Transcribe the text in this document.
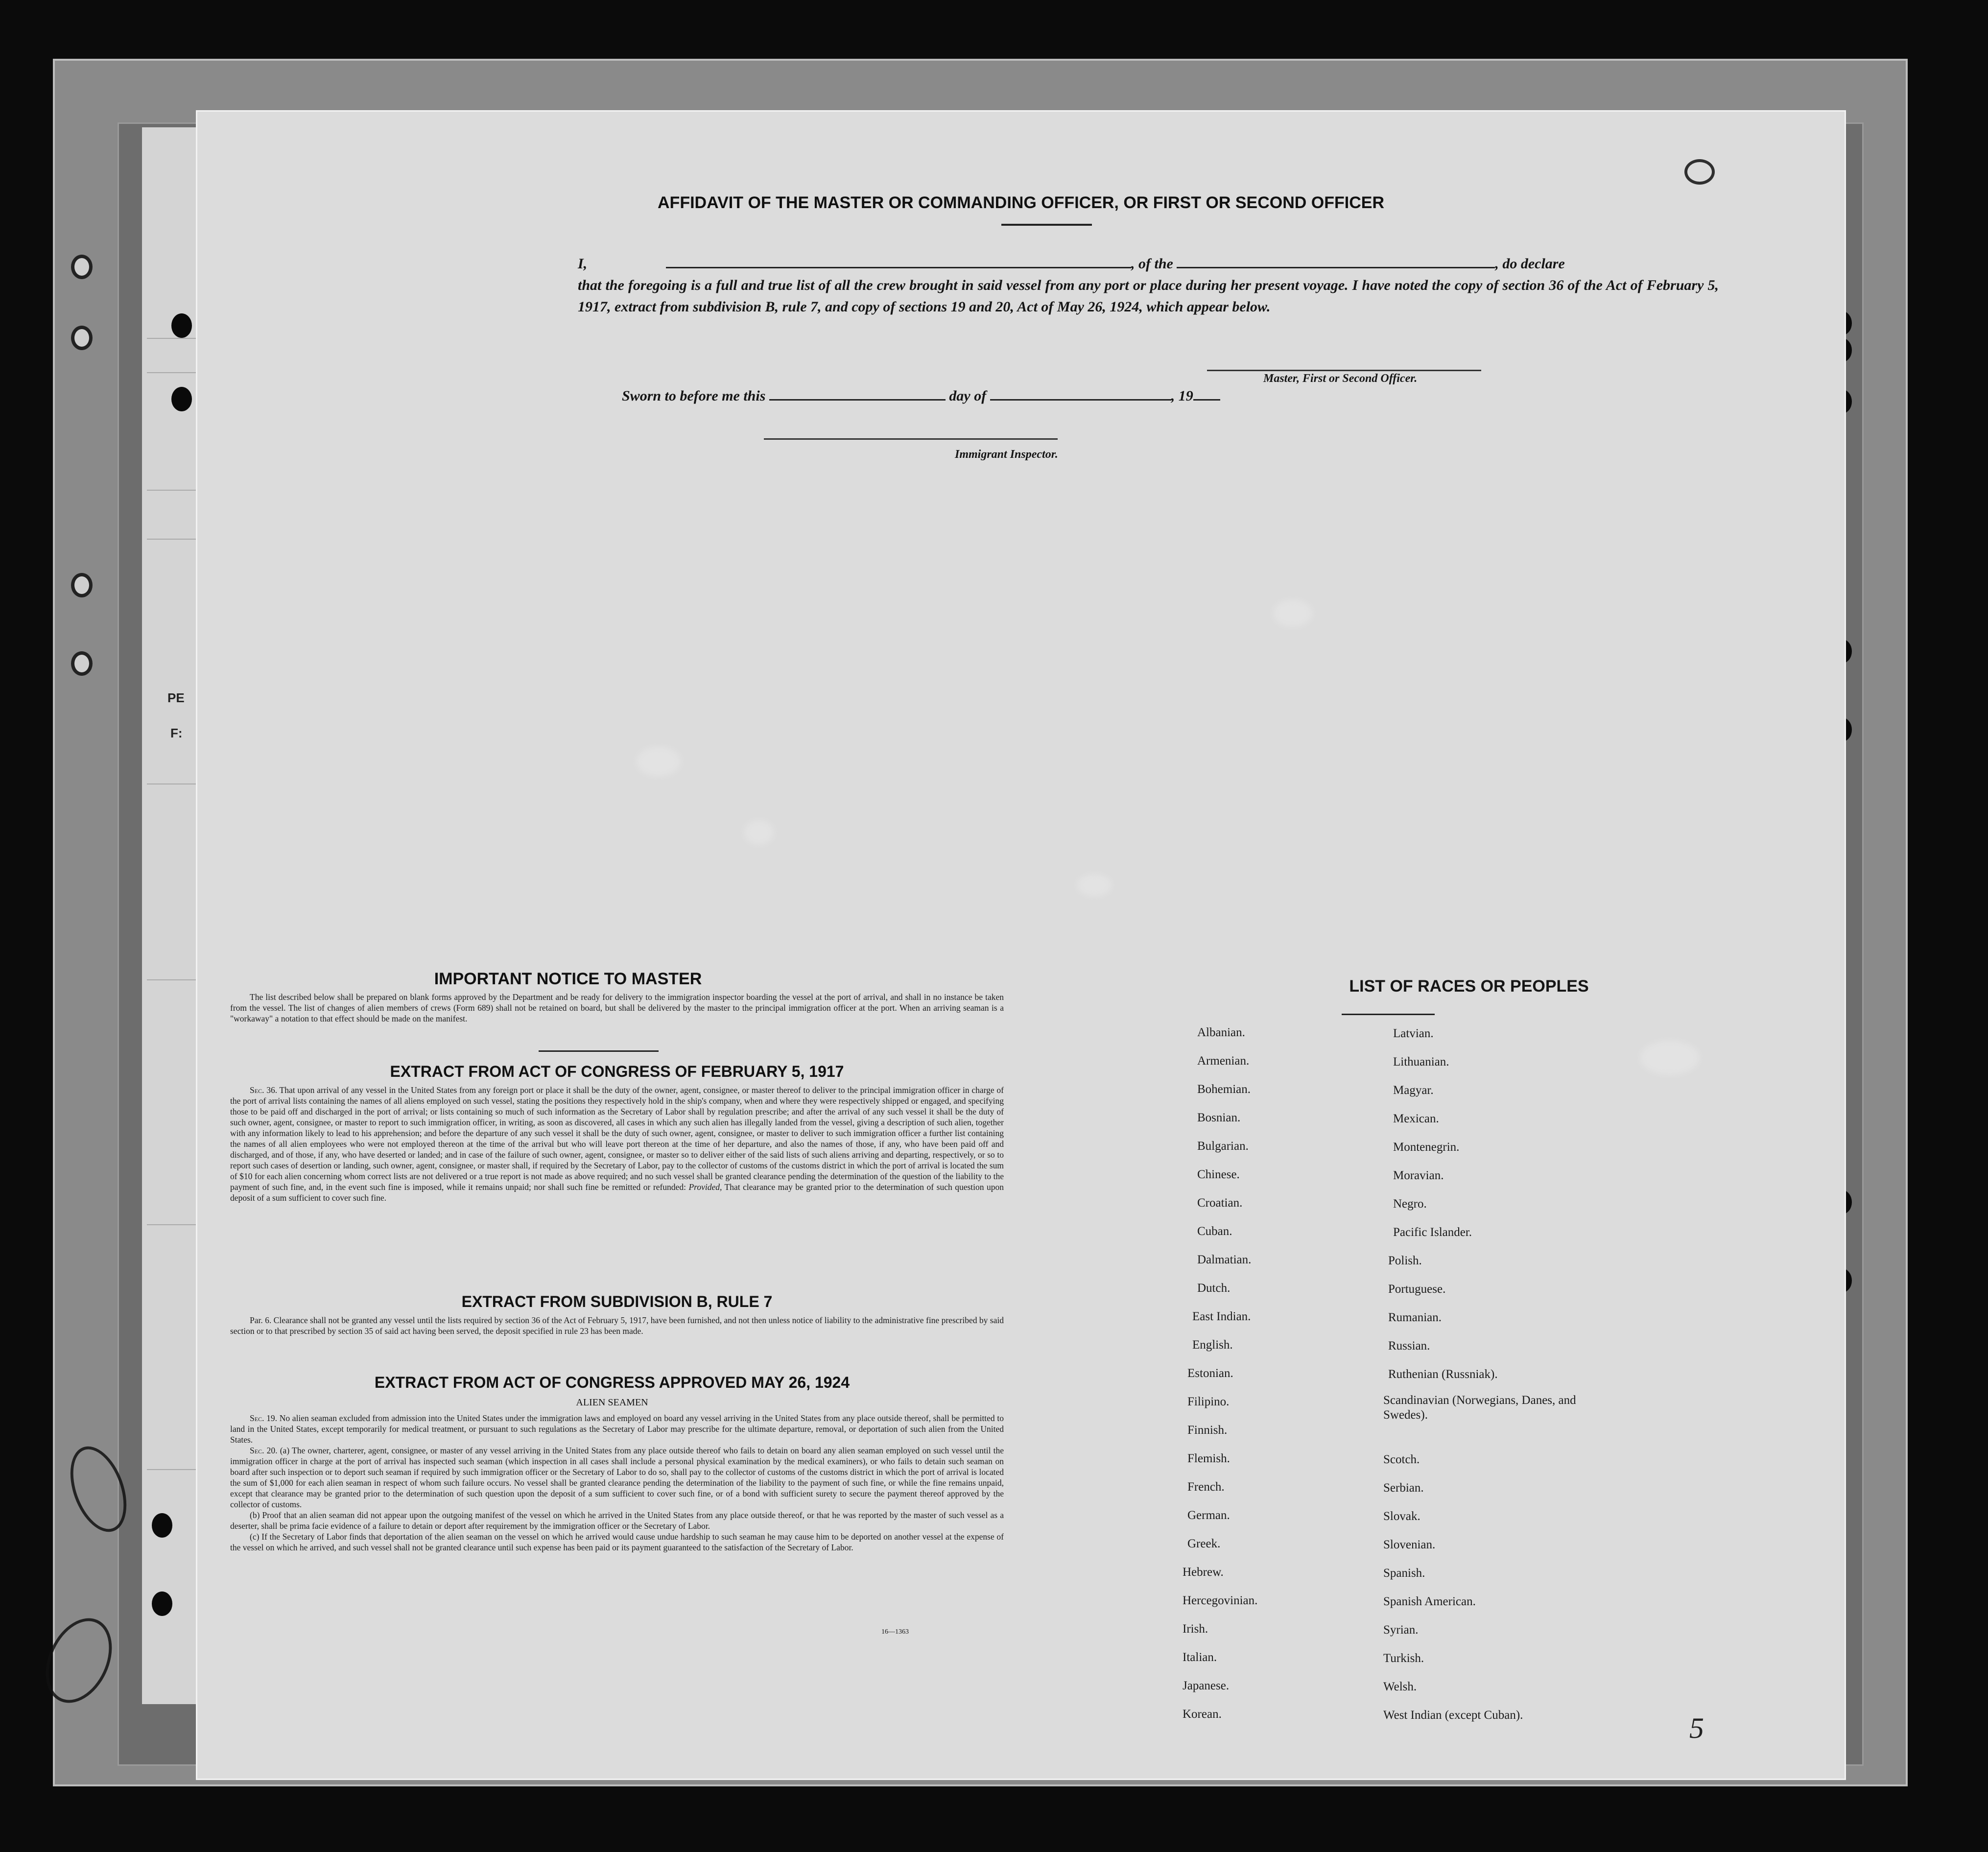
PE
F:
AFFIDAVIT OF THE MASTER OR COMMANDING OFFICER, OR FIRST OR SECOND OFFICER
I,	, of the	, do declare
that the foregoing is a full and true list of all the crew brought in said vessel from any port or place during her present voyage. I have noted the copy of section 36 of the Act of February 5, 1917, extract from subdivision B, rule 7, and copy of sections 19 and 20, Act of May 26, 1924, which appear below.
Master, First or Second Officer.
Sworn to before me this	day of	, 19
Immigrant Inspector.
IMPORTANT NOTICE TO MASTER
The list described below shall be prepared on blank forms approved by the Department and be ready for delivery to the immigration inspector boarding the vessel at the port of arrival, and shall in no instance be taken from the vessel. The list of changes of alien members of crews (Form 689) shall not be retained on board, but shall be delivered by the master to the principal immigration officer at the port. When an arriving seaman is a "workaway" a notation to that effect should be made on the manifest.
EXTRACT FROM ACT OF CONGRESS OF FEBRUARY 5, 1917
Sec. 36. That upon arrival of any vessel in the United States from any foreign port or place it shall be the duty of the owner, agent, consignee, or master thereof to deliver to the principal immigration officer in charge of the port of arrival lists containing the names of all aliens employed on such vessel, stating the positions they respectively hold in the ship's company, when and where they were respectively shipped or engaged, and specifying those to be paid off and discharged in the port of arrival; or lists containing so much of such information as the Secretary of Labor shall by regulation prescribe; and after the arrival of any such vessel it shall be the duty of such owner, agent, consignee, or master to report to such immigration officer, in writing, as soon as discovered, all cases in which any such alien has illegally landed from the vessel, giving a description of such alien, together with any information likely to lead to his apprehension; and before the departure of any such vessel it shall be the duty of such owner, agent, consignee, or master to deliver to such immigration officer a further list containing the names of all alien employees who were not employed thereon at the time of the arrival but who will leave port thereon at the time of her departure, and also the names of those, if any, who have been paid off and discharged, and of those, if any, who have deserted or landed; and in case of the failure of such owner, agent, consignee, or master so to deliver either of the said lists of such aliens arriving and departing, respectively, or so to report such cases of desertion or landing, such owner, agent, consignee, or master shall, if required by the Secretary of Labor, pay to the collector of customs of the customs district in which the port of arrival is located the sum of $10 for each alien concerning whom correct lists are not delivered or a true report is not made as above required; and no such vessel shall be granted clearance pending the determination of the question of the liability to the payment of such fine, and, in the event such fine is imposed, while it remains unpaid; nor shall such fine be remitted or refunded: Provided, That clearance may be granted prior to the determination of such question upon deposit of a sum sufficient to cover such fine.
EXTRACT FROM SUBDIVISION B, RULE 7
Par. 6. Clearance shall not be granted any vessel until the lists required by section 36 of the Act of February 5, 1917, have been furnished, and not then unless notice of liability to the administrative fine prescribed by said section or to that prescribed by section 35 of said act having been served, the deposit specified in rule 23 has been made.
EXTRACT FROM ACT OF CONGRESS APPROVED MAY 26, 1924
ALIEN SEAMEN
Sec. 19. No alien seaman excluded from admission into the United States under the immigration laws and employed on board any vessel arriving in the United States from any place outside thereof, shall be permitted to land in the United States, except temporarily for medical treatment, or pursuant to such regulations as the Secretary of Labor may prescribe for the ultimate departure, removal, or deportation of such alien from the United States.
Sec. 20. (a) The owner, charterer, agent, consignee, or master of any vessel arriving in the United States from any place outside thereof who fails to detain on board any alien seaman employed on such vessel until the immigration officer in charge at the port of arrival has inspected such seaman (which inspection in all cases shall include a personal physical examination by the medical examiners), or who fails to detain such seaman on board after such inspection or to deport such seaman if required by such immigration officer or the Secretary of Labor to do so, shall pay to the collector of customs of the customs district in which the port of arrival is located the sum of $1,000 for each alien seaman in respect of whom such failure occurs. No vessel shall be granted clearance pending the determination of the liability to the payment of such fine, or while the fine remains unpaid, except that clearance may be granted prior to the determination of such question upon the deposit of a sum sufficient to cover such fine, or of a bond with sufficient surety to secure the payment thereof approved by the collector of customs.
(b) Proof that an alien seaman did not appear upon the outgoing manifest of the vessel on which he arrived in the United States from any place outside thereof, or that he was reported by the master of such vessel as a deserter, shall be prima facie evidence of a failure to detain or deport after requirement by the immigration officer or the Secretary of Labor.
(c) If the Secretary of Labor finds that deportation of the alien seaman on the vessel on which he arrived would cause undue hardship to such seaman he may cause him to be deported on another vessel at the expense of the vessel on which he arrived, and such vessel shall not be granted clearance until such expense has been paid or its payment guaranteed to the satisfaction of the Secretary of Labor.
16—1363
LIST OF RACES OR PEOPLES
Albanian.
Armenian.
Bohemian.
Bosnian.
Bulgarian.
Chinese.
Croatian.
Cuban.
Dalmatian.
Dutch.
East Indian.
English.
Estonian.
Filipino.
Finnish.
Flemish.
French.
German.
Greek.
Hebrew.
Hercegovinian.
Irish.
Italian.
Japanese.
Korean.
Latvian.
Lithuanian.
Magyar.
Mexican.
Montenegrin.
Moravian.
Negro.
Pacific Islander.
Polish.
Portuguese.
Rumanian.
Russian.
Ruthenian (Russniak).
Scandinavian (Norwegians, Danes, and Swedes).
Scotch.
Serbian.
Slovak.
Slovenian.
Spanish.
Spanish American.
Syrian.
Turkish.
Welsh.
West Indian (except Cuban).	5
